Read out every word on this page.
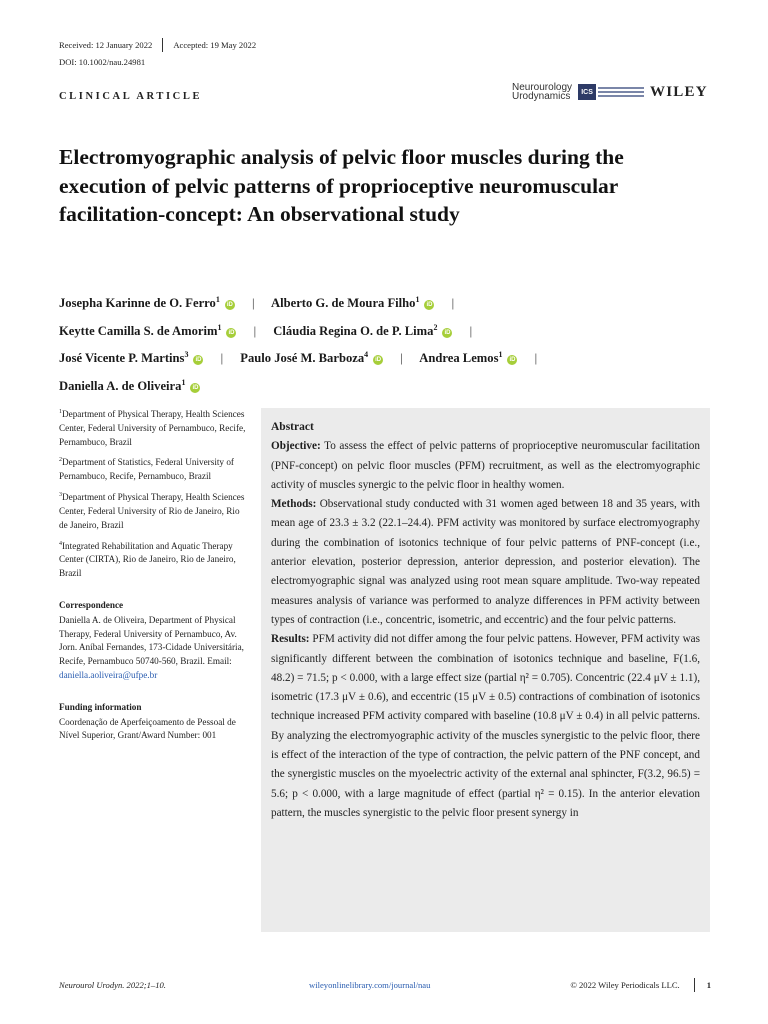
Received: 12 January 2022 Accepted: 19 May 2022
DOI: 10.1002/nau.24981
CLINICAL ARTICLE
Neurourology
Urodynamics	ICS	WILEY
Electromyographic analysis of pelvic floor muscles during the execution of pelvic patterns of proprioceptive neuromuscular facilitation-concept: An observational study
Josepha Karinne de O. Ferro$^1$iD | Alberto G. de Moura Filho$^1$iD |
Keytte Camilla S. de Amorim$^1$iD | Cláudia Regina O. de P. Lima$^2$iD |
José Vicente P. Martins$^3$iD | Paulo José M. Barboza$^4$iD | Andrea Lemos$^1$iD |
Daniella A. de Oliveira$^1$iD
$^1$Department of Physical Therapy, Health Sciences Center, Federal University of Pernambuco, Recife, Pernambuco, Brazil
$^2$Department of Statistics, Federal University of Pernambuco, Recife, Pernambuco, Brazil
$^3$Department of Physical Therapy, Health Sciences Center, Federal University of Rio de Janeiro, Rio de Janeiro, Brazil
$^4$Integrated Rehabilitation and Aquatic Therapy Center (CIRTA), Rio de Janeiro, Rio de Janeiro, Brazil
Correspondence
Daniella A. de Oliveira, Department of Physical Therapy, Federal University of Pernambuco, Av. Jorn. Aníbal Fernandes, 173-Cidade Universitária, Recife, Pernambuco 50740-560, Brazil. Email: daniella.aoliveira@ufpe.br
Funding information
Coordenação de Aperfeiçoamento de Pessoal de Nível Superior, Grant/Award Number: 001
Abstract

Objective: To assess the effect of pelvic patterns of proprioceptive neuromuscular facilitation (PNF-concept) on pelvic floor muscles (PFM) recruitment, as well as the electromyographic activity of muscles synergic to the pelvic floor in healthy women.

Methods: Observational study conducted with 31 women aged between 18 and 35 years, with mean age of 23.3 ± 3.2 (22.1–24.4). PFM activity was monitored by surface electromyography during the combination of isotonics technique of four pelvic patterns of PNF-concept (i.e., anterior elevation, posterior depression, anterior depression, and posterior elevation). The electromyographic signal was analyzed using root mean square amplitude. Two-way repeated measures analysis of variance was performed to analyze differences in PFM activity between types of contraction (i.e., concentric, isometric, and eccentric) and the four pelvic patterns.

Results: PFM activity did not differ among the four pelvic pattens. However, PFM activity was significantly different between the combination of isotonics technique and baseline, F(1.6, 48.2) = 71.5; p < 0.000, with a large effect size (partial η² = 0.705). Concentric (22.4 μV ± 1.1), isometric (17.3 μV ± 0.6), and eccentric (15 μV ± 0.5) contractions of combination of isotonics technique increased PFM activity compared with baseline (10.8 μV ± 0.4) in all pelvic patterns. By analyzing the electromyographic activity of the muscles synergistic to the pelvic floor, there is effect of the interaction of the type of contraction, the pelvic pattern of the PNF concept, and the synergistic muscles on the myoelectric activity of the external anal sphincter, F(3.2, 96.5) = 5.6; p < 0.000, with a large magnitude of effect (partial η² = 0.15). In the anterior elevation pattern, the muscles synergistic to the pelvic floor present synergy in

Neurourol Urodyn. 2022;1–10.	wileyonlinelibrary.com/journal/nau	© 2022 Wiley Periodicals LLC.	1
